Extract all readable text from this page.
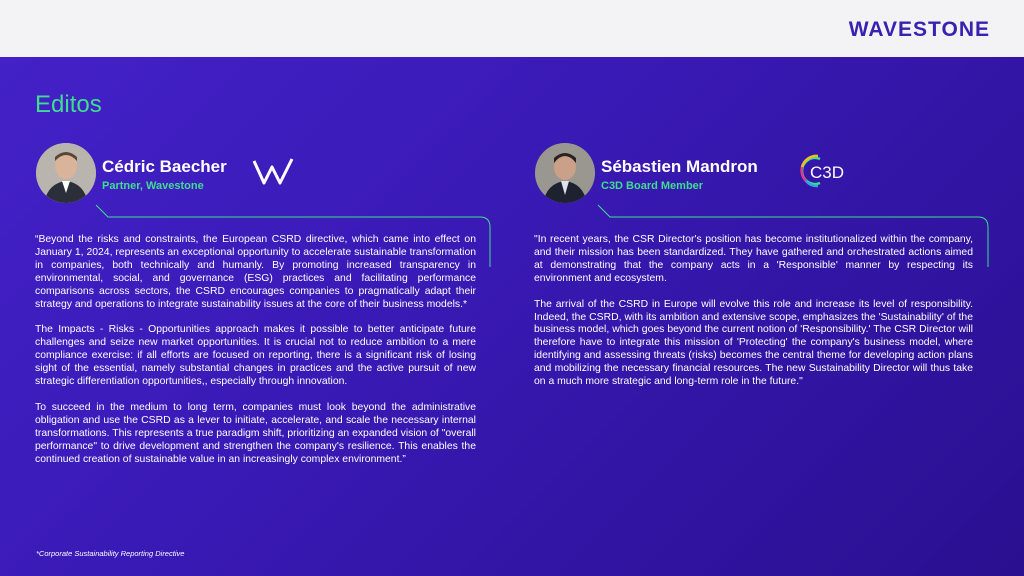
WAVESTONE
Editos
Cédric Baecher
Partner, Wavestone

“Beyond the risks and constraints, the European CSRD directive, which came into effect on January 1, 2024, represents an exceptional opportunity to accelerate sustainable transformation in companies, both technically and humanly. By promoting increased transparency in environmental, social, and governance (ESG) practices and facilitating performance comparisons across sectors, the CSRD encourages companies to pragmatically adapt their strategy and operations to integrate sustainability issues at the core of their business models.*

The Impacts - Risks - Opportunities approach makes it possible to better anticipate future challenges and seize new market opportunities. It is crucial not to reduce ambition to a mere compliance exercise: if all efforts are focused on reporting, there is a significant risk of losing sight of the essential, namely substantial changes in practices and the active pursuit of new strategic differentiation opportunities,, especially through innovation.

To succeed in the medium to long term, companies must look beyond the administrative obligation and use the CSRD as a lever to initiate, accelerate, and scale the necessary internal transformations. This represents a true paradigm shift, prioritizing an expanded vision of "overall performance" to drive development and strengthen the company's resilience. This enables the continued creation of sustainable value in an increasingly complex environment.”

Sébastien Mandron
C3D Board Member
C3D

"In recent years, the CSR Director's position has become institutionalized within the company, and their mission has been standardized. They have gathered and orchestrated actions aimed at demonstrating that the company acts in a 'Responsible' manner by respecting its environment and ecosystem.

The arrival of the CSRD in Europe will evolve this role and increase its level of responsibility. Indeed, the CSRD, with its ambition and extensive scope, emphasizes the 'Sustainability' of the business model, which goes beyond the current notion of 'Responsibility.' The CSR Director will therefore have to integrate this mission of 'Protecting' the company's business model, where identifying and assessing threats (risks) becomes the central theme for developing action plans and mobilizing the necessary financial resources. The new Sustainability Director will thus take on a much more strategic and long-term role in the future."

*Corporate Sustainability Reporting Directive
